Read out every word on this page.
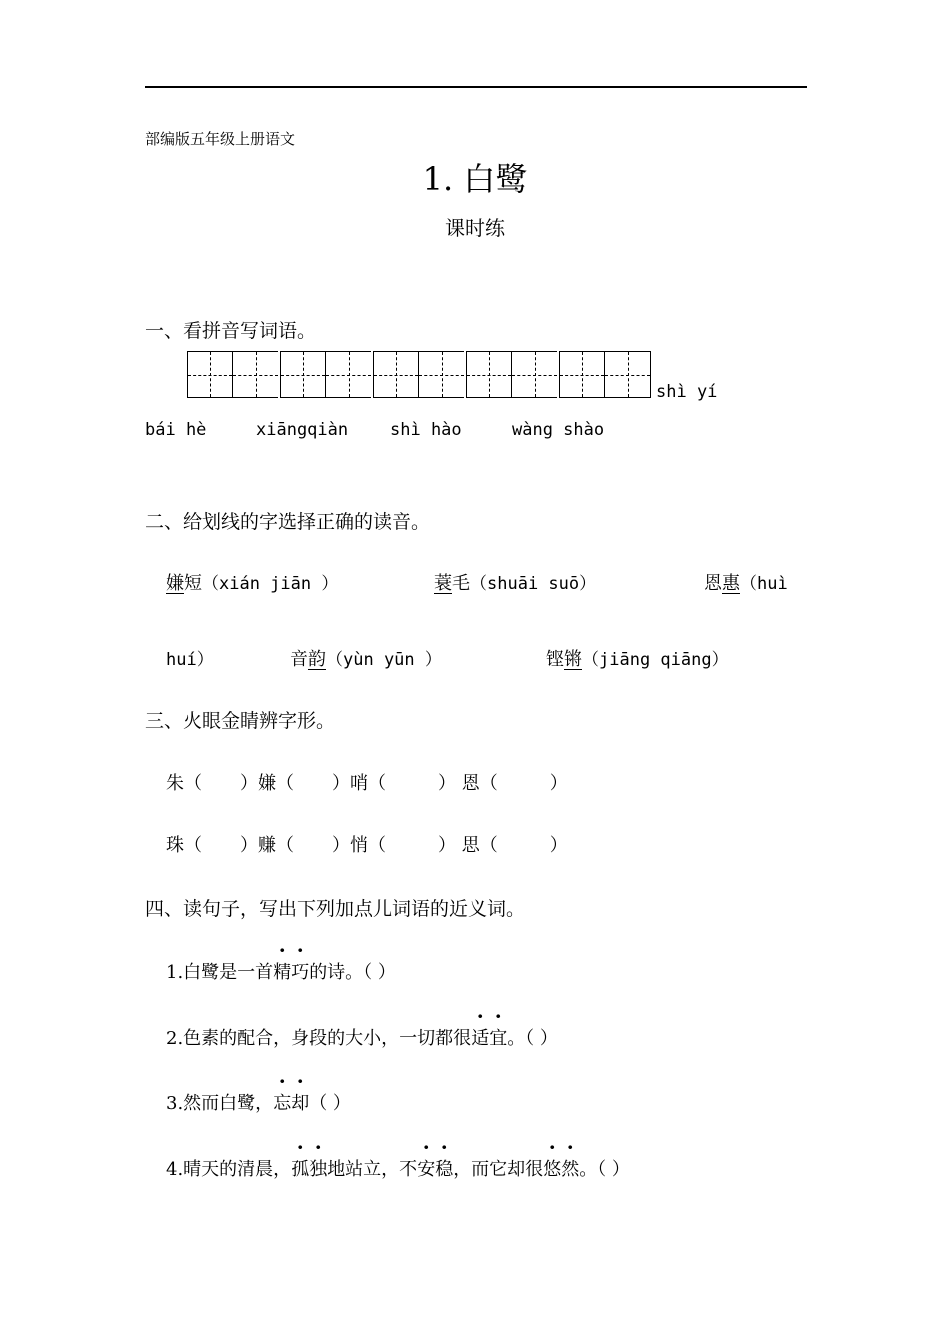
部编版五年级上册语文
1. 白鹭
课时练
一、看拼音写词语。
shì yí
bái hè	xiāngqiàn shì hào	wàng shào
二、给划线的字选择正确的读音。
嫌短（xián jiān ）	蓑毛（shuāi suō）	恩惠（huì
huí）	音韵（yùn yūn ）	铿锵（jiāng qiāng）
三、火眼金睛辨字形。
朱（ ）嫌（ ）哨（	） 恩（	）
珠（ ）赚（ ）悄（	） 思（	）
四、读句子，写出下列加点儿词语的近义词。
1.白鹭是一首精巧的诗。（ ）
2.色素的配合，身段的大小，一切都很适宜。（ ）
3.然而白鹭，忘却（ ）
4.晴天的清晨，孤独地站立，不安稳，而它却很悠然。（ ）
